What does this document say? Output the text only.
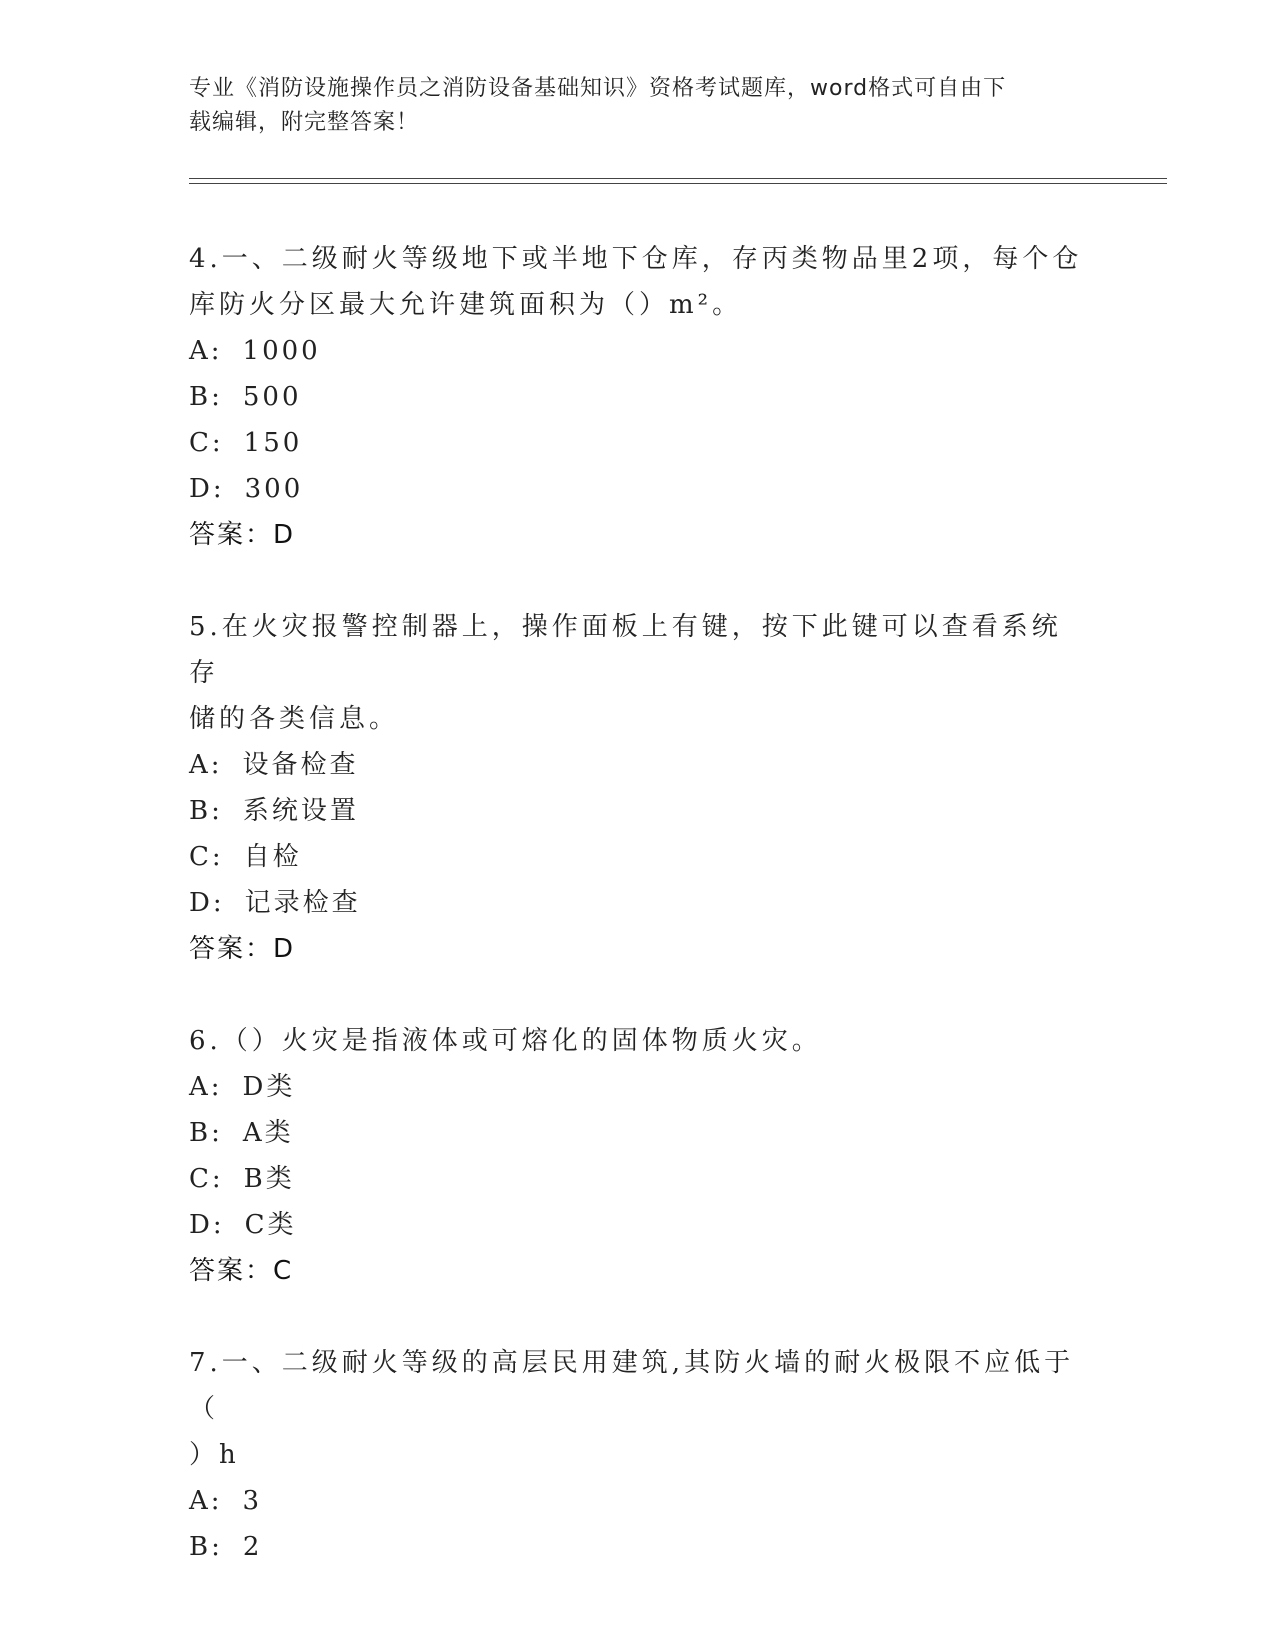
专业《消防设施操作员之消防设备基础知识》资格考试题库，word格式可自由下
载编辑，附完整答案！

4.一、二级耐火等级地下或半地下仓库，存丙类物品里2项，每个仓

库防火分区最大允许建筑面积为（）m²。

A: 1000

B: 500

C: 150

D: 300

答案：D

5.在火灾报警控制器上，操作面板上有键，按下此键可以查看系统存

储的各类信息。

A: 设备检查

B: 系统设置

C: 自检

D: 记录检查

答案：D

6.（）火灾是指液体或可熔化的固体物质火灾。

A: D类

B: A类

C: B类

D: C类

答案：C

7.一、二级耐火等级的高层民用建筑,其防火墙的耐火极限不应低于（

）h

A: 3

B: 2
